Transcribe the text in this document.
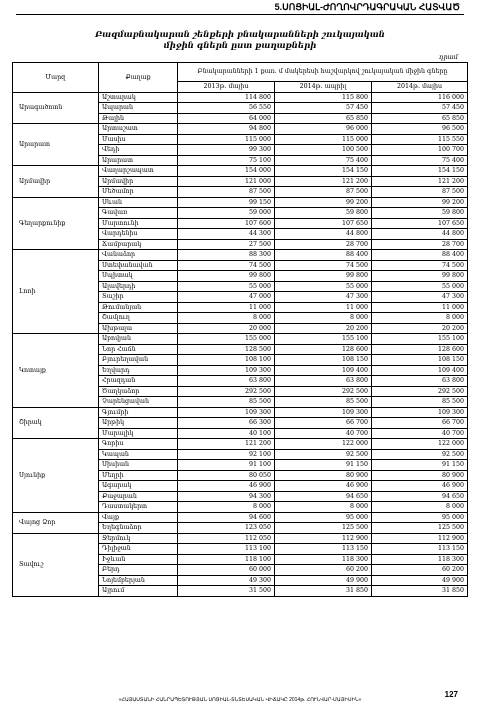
5.ՍՈՑԻԱԼ-ԺՈՂՈՎՐԴԱԳՐԱԿԱՆ ՀԱՏՎԱԾ
Բազմաբնակարան շենքերի բնակարանների շուկայական
միջին գներն ըստ քաղաքների
դրամ
Մարզ	Քաղաք	Բնակարանների 1 քառ. մ մակերեսի հաշվարկով շուկայական միջին գները		
		2013թ. մայիս	2014թ. ապրիլ	2014թ. մայիս
Արագածոտն	Աշտարակ	114 800	115 800	116 000
	Ապարան	56 550	57 450	57 450
	Թալին	64 000	65 850	65 850
Արարատ	Արտաշատ	94 800	96 000	96 500
	Մասիս	115 000	115 000	115 550
	Վեդի	99 300	100 500	100 700
	Արարատ	75 100	75 400	75 400
Արմավիր	Վաղարշապատ	154 000	154 150	154 150
	Արմավիր	121 000	121 200	121 200
	Մեծամոր	87 500	87 500	87 500
Գեղարքունիք	Սևան	99 150	99 200	99 200
	Գավառ	59 000	59 800	59 800
	Մարտունի	107 600	107 650	107 650
	Վարդենիս	44 300	44 800	44 800
	Ճամբարակ	27 500	28 700	28 700
Լոռի	Վանաձոր	88 300	88 400	88 400
	Ստեփանավան	74 500	74 500	74 500
	Սպիտակ	99 800	99 800	99 800
	Ալավերդի	55 000	55 000	55 000
	Տաշիր	47 000	47 300	47 300
	Թումանյան	11 000	11 000	11 000
	Շամլուղ	8 000	8 000	8 000
	Ախթալա	20 000	20 200	20 200
Կոտայք	Աբովյան	155 000	155 100	155 100
	Նոր Հաճն	128 500	128 600	128 600
	Բյուրեղավան	108 100	108 150	108 150
	Եղվարդ	109 300	109 400	109 400
	Հրազդան	63 800	63 800	63 800
	Ծաղկաձոր	292 500	292 500	292 500
	Չարենցավան	85 500	85 500	85 500
Շիրակ	Գյումրի	109 300	109 300	109 300
	Արթիկ	66 300	66 700	66 700
	Մարալիկ	40 100	40 700	40 700
Սյունիք	Գորիս	121 200	122 000	122 000
	Կապան	92 100	92 500	92 500
	Սիսիան	91 100	91 150	91 150
	Մեղրի	80 050	80 900	80 900
	Ագարակ	46 900	46 900	46 900
	Քաջարան	94 300	94 650	94 650
	Դաստակերտ	8 000	8 000	8 000
Վայոց Ձոր	Վայք	94 600	95 000	95 000
	Եղեգնաձոր	123 050	125 500	125 500
Տավուշ	Ջերմուկ	112 050	112 900	112 900
	Դիլիջան	113 100	113 150	113 150
	Իջևան	118 100	118 300	118 300
	Բերդ	60 000	60 200	60 200
	Նոյեմբերյան	49 300	49 900	49 900
	Այրում	31 500	31 850	31 850
«ՀԱՅԱՍՏԱՆԻ ՀԱՆՐԱՊԵՏՈՒԹՅԱՆ ՍՈՑԻԱԼ-ՏՆՏԵՍԱԿԱՆ ՎԻՃԱԿԸ 2014թ. ՀՈՒՆՎԱՐ-ՄԱՅԻՍԻՆ»
127
